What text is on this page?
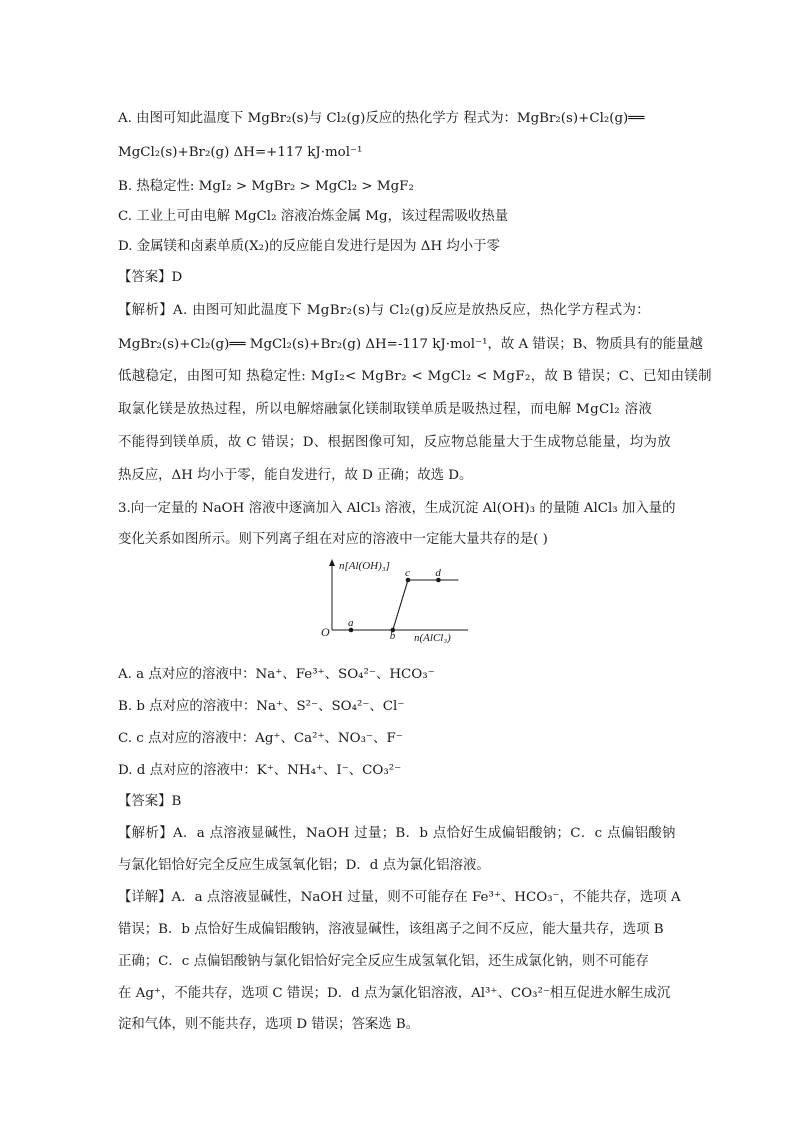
A. 由图可知此温度下 MgBr₂(s)与 Cl₂(g)反应的热化学方 程式为：MgBr₂(s)+Cl₂(g)══
MgCl₂(s)+Br₂(g) ΔH=+117 kJ·mol⁻¹
B. 热稳定性: MgI₂ > MgBr₂ > MgCl₂ > MgF₂
C. 工业上可由电解 MgCl₂ 溶液冶炼金属 Mg，该过程需吸收热量
D. 金属镁和卤素单质(X₂)的反应能自发进行是因为 ΔH 均小于零
【答案】D
【解析】A. 由图可知此温度下 MgBr₂(s)与 Cl₂(g)反应是放热反应，热化学方程式为：
MgBr₂(s)+Cl₂(g)══ MgCl₂(s)+Br₂(g) ΔH=-117 kJ·mol⁻¹，故 A 错误；B、物质具有的能量越
低越稳定，由图可知 热稳定性: MgI₂< MgBr₂ < MgCl₂ < MgF₂，故 B 错误；C、已知由镁制
取氯化镁是放热过程，所以电解熔融氯化镁制取镁单质是吸热过程，而电解 MgCl₂ 溶液
不能得到镁单质，故 C 错误；D、根据图像可知，反应物总能量大于生成物总能量，均为放
热反应，ΔH 均小于零，能自发进行，故 D 正确；故选 D。
3.向一定量的 NaOH 溶液中逐滴加入 AlCl₃ 溶液，生成沉淀 Al(OH)₃ 的量随 AlCl₃ 加入量的
变化关系如图所示。则下列离子组在对应的溶液中一定能大量共存的是( )
n[Al(OH)₃]
n(AlCl₃)
O
a
b
c d
A. a 点对应的溶液中：Na⁺、Fe³⁺、SO₄²⁻、HCO₃⁻
B. b 点对应的溶液中：Na⁺、S²⁻、SO₄²⁻、Cl⁻
C. c 点对应的溶液中：Ag⁺、Ca²⁺、NO₃⁻、F⁻
D. d 点对应的溶液中：K⁺、NH₄⁺、I⁻、CO₃²⁻
【答案】B
【解析】A．a 点溶液显碱性，NaOH 过量；B．b 点恰好生成偏铝酸钠；C．c 点偏铝酸钠
与氯化铝恰好完全反应生成氢氧化铝；D．d 点为氯化铝溶液。
【详解】A．a 点溶液显碱性，NaOH 过量，则不可能存在 Fe³⁺、HCO₃⁻，不能共存，选项 A
错误；B．b 点恰好生成偏铝酸钠，溶液显碱性，该组离子之间不反应，能大量共存，选项 B
正确；C．c 点偏铝酸钠与氯化铝恰好完全反应生成氢氧化铝，还生成氯化钠，则不可能存
在 Ag⁺，不能共存，选项 C 错误；D．d 点为氯化铝溶液，Al³⁺、CO₃²⁻相互促进水解生成沉
淀和气体，则不能共存，选项 D 错误；答案选 B。
